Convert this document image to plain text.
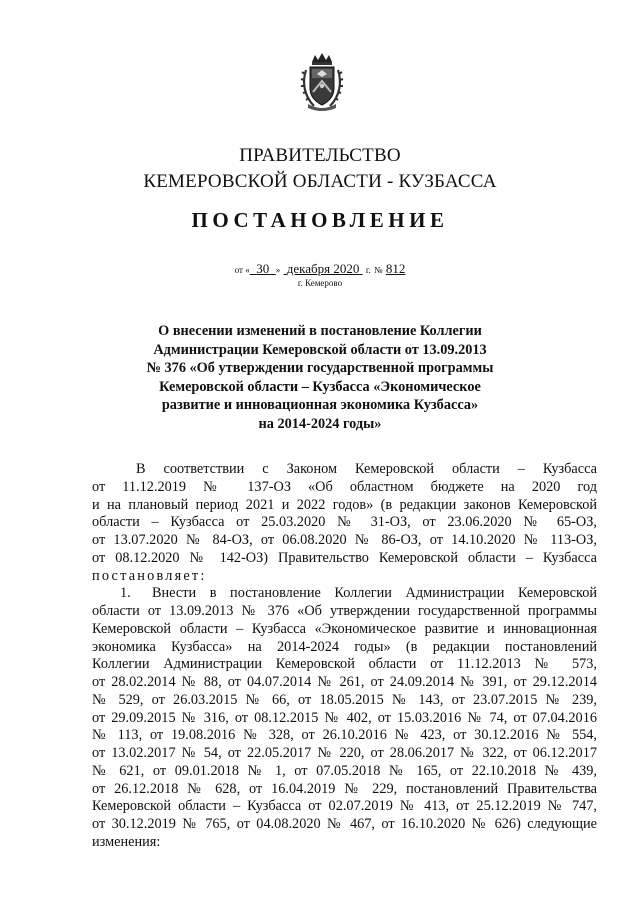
ПРАВИТЕЛЬСТВО
КЕМЕРОВСКОЙ ОБЛАСТИ - КУЗБАССА
ПОСТАНОВЛЕНИЕ
от « 30 » декабря 2020 г. № 812
г. Кемерово
О внесении изменений в постановление Коллегии
Администрации Кемеровской области от 13.09.2013
№ 376 «Об утверждении государственной программы
Кемеровской области – Кузбасса «Экономическое
развитие и инновационная экономика Кузбасса»
на 2014-2024 годы»
В соответствии с Законом Кемеровской области – Кузбасса
от 11.12.2019 № 137-ОЗ «Об областном бюджете на 2020 год
и на плановый период 2021 и 2022 годов» (в редакции законов Кемеровской
области – Кузбасса от 25.03.2020 № 31-ОЗ, от 23.06.2020 № 65-ОЗ,
от 13.07.2020 № 84-ОЗ, от 06.08.2020 № 86-ОЗ, от 14.10.2020 № 113-ОЗ,
от 08.12.2020 № 142-ОЗ) Правительство Кемеровской области – Кузбасса
постановляет:
1. Внести в постановление Коллегии Администрации Кемеровской
области от 13.09.2013 № 376 «Об утверждении государственной программы
Кемеровской области – Кузбасса «Экономическое развитие и инновационная
экономика Кузбасса» на 2014-2024 годы» (в редакции постановлений
Коллегии Администрации Кемеровской области от 11.12.2013 № 573,
от 28.02.2014 № 88, от 04.07.2014 № 261, от 24.09.2014 № 391, от 29.12.2014
№ 529, от 26.03.2015 № 66, от 18.05.2015 № 143, от 23.07.2015 № 239,
от 29.09.2015 № 316, от 08.12.2015 № 402, от 15.03.2016 № 74, от 07.04.2016
№ 113, от 19.08.2016 № 328, от 26.10.2016 № 423, от 30.12.2016 № 554,
от 13.02.2017 № 54, от 22.05.2017 № 220, от 28.06.2017 № 322, от 06.12.2017
№ 621, от 09.01.2018 № 1, от 07.05.2018 № 165, от 22.10.2018 № 439,
от 26.12.2018 № 628, от 16.04.2019 № 229, постановлений Правительства
Кемеровской области – Кузбасса от 02.07.2019 № 413, от 25.12.2019 № 747,
от 30.12.2019 № 765, от 04.08.2020 № 467, от 16.10.2020 № 626) следующие
изменения:
